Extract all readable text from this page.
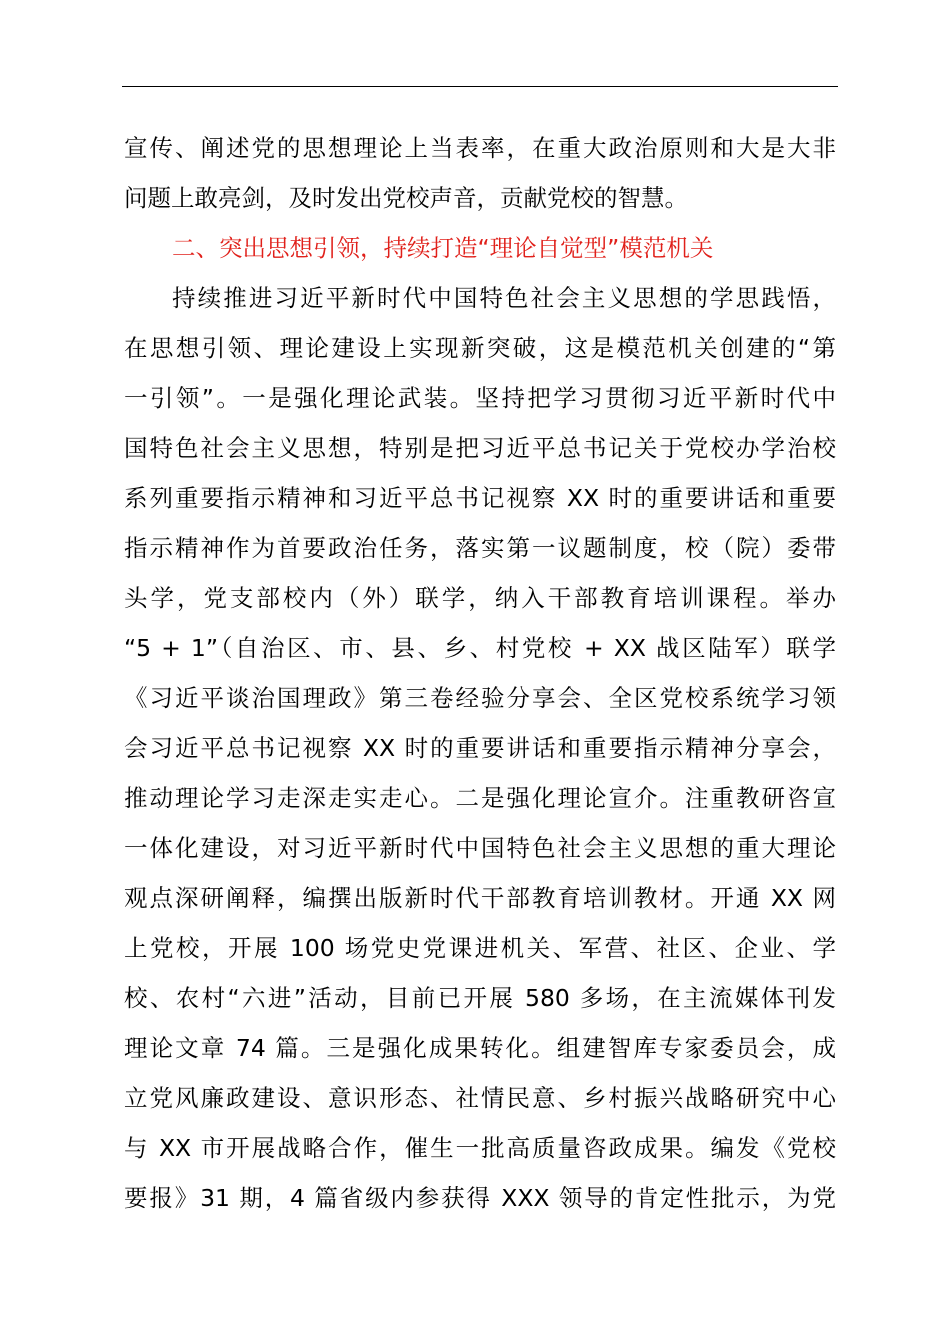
宣传、阐述党的思想理论上当表率，在重大政治原则和大是大非
问题上敢亮剑，及时发出党校声音，贡献党校的智慧。
二、突出思想引领，持续打造“理论自觉型”模范机关
持续推进习近平新时代中国特色社会主义思想的学思践悟，
在思想引领、理论建设上实现新突破，这是模范机关创建的“第
一引领”。一是强化理论武装。坚持把学习贯彻习近平新时代中
国特色社会主义思想，特别是把习近平总书记关于党校办学治校
系列重要指示精神和习近平总书记视察 XX 时的重要讲话和重要
指示精神作为首要政治任务，落实第一议题制度，校（院）委带
头学，党支部校内（外）联学，纳入干部教育培训课程。举办
“5 + 1”（自治区、市、县、乡、村党校 + XX 战区陆军）联学
《习近平谈治国理政》第三卷经验分享会、全区党校系统学习领
会习近平总书记视察 XX 时的重要讲话和重要指示精神分享会，
推动理论学习走深走实走心。二是强化理论宣介。注重教研咨宣
一体化建设，对习近平新时代中国特色社会主义思想的重大理论
观点深研阐释，编撰出版新时代干部教育培训教材。开通 XX 网
上党校，开展 100 场党史党课进机关、军营、社区、企业、学
校、农村“六进”活动，目前已开展 580 多场，在主流媒体刊发
理论文章 74 篇。三是强化成果转化。组建智库专家委员会，成
立党风廉政建设、意识形态、社情民意、乡村振兴战略研究中心
与 XX 市开展战略合作，催生一批高质量咨政成果。编发《党校
要报》31 期，4 篇省级内参获得 XXX 领导的肯定性批示，为党
